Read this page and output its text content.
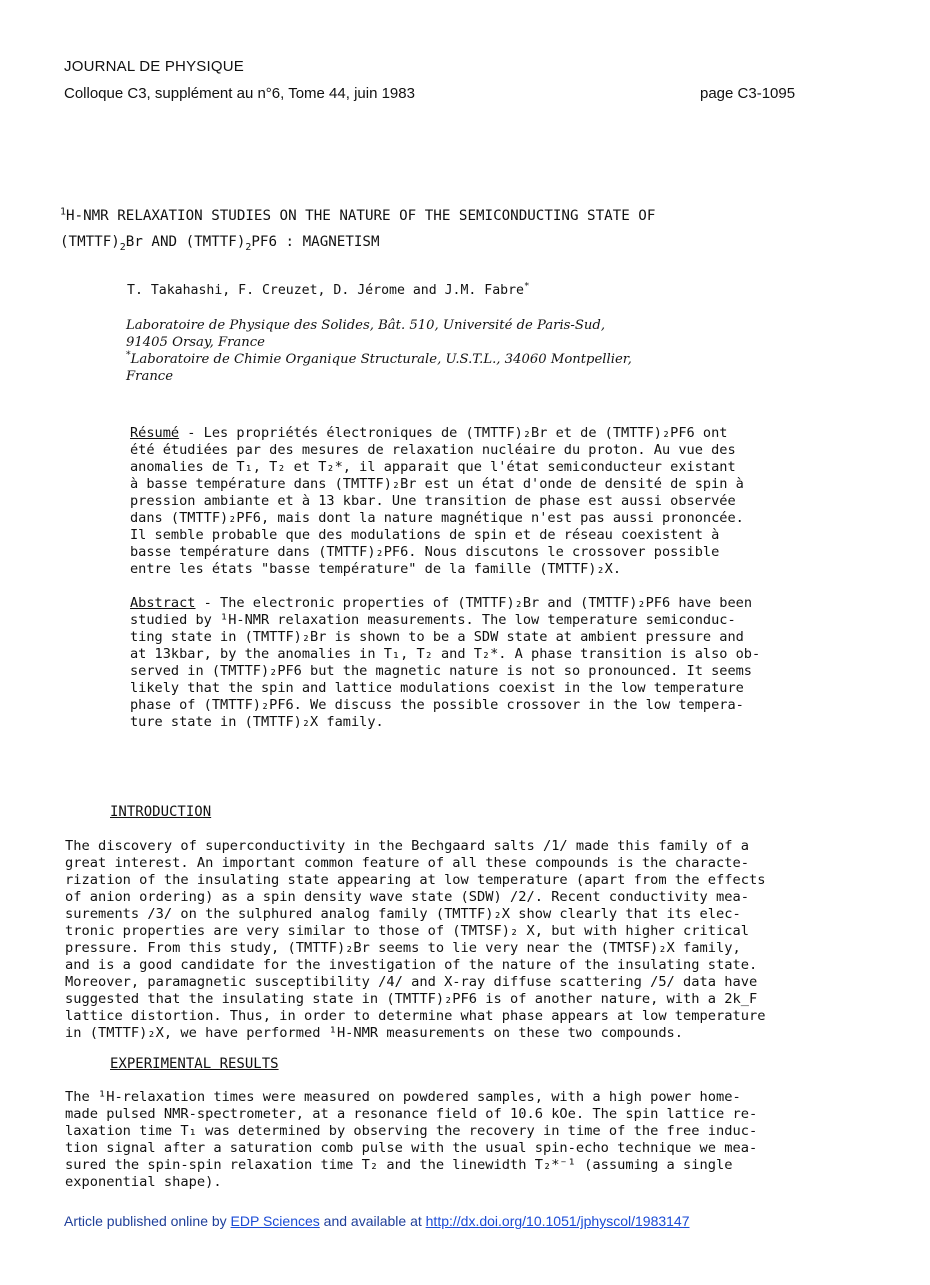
JOURNAL DE PHYSIQUE
Colloque C3, supplément au n°6, Tome 44, juin 1983	page C3-1095
$^1$H-NMR RELAXATION STUDIES ON THE NATURE OF THE SEMICONDUCTING STATE OF
$(TMTTF)_2Br$ AND $(TMTTF)_2PF6$ : MAGNETISM
T. Takahashi, F. Creuzet, D. Jérome and J.M. Fabre*
Laboratoire de Physique des Solides, Bât. 510, Université de Paris-Sud,
91405 Orsay, France
*Laboratoire de Chimie Organique Structurale, U.S.T.L., 34060 Montpellier,
France
Résumé - Les propriétés électroniques de (TMTTF)₂Br et de (TMTTF)₂PF6 ont
été étudiées par des mesures de relaxation nucléaire du proton. Au vue des
anomalies de T₁, T₂ et T₂*, il apparait que l'état semiconducteur existant
à basse température dans (TMTTF)₂Br est un état d'onde de densité de spin à
pression ambiante et à 13 kbar. Une transition de phase est aussi observée
dans (TMTTF)₂PF6, mais dont la nature magnétique n'est pas aussi prononcée.
Il semble probable que des modulations de spin et de réseau coexistent à
basse température dans (TMTTF)₂PF6. Nous discutons le crossover possible
entre les états "basse température" de la famille (TMTTF)₂X.
Abstract - The electronic properties of (TMTTF)₂Br and (TMTTF)₂PF6 have been
studied by ¹H-NMR relaxation measurements. The low temperature semiconduc-
ting state in (TMTTF)₂Br is shown to be a SDW state at ambient pressure and
at 13kbar, by the anomalies in T₁, T₂ and T₂*. A phase transition is also ob-
served in (TMTTF)₂PF6 but the magnetic nature is not so pronounced. It seems
likely that the spin and lattice modulations coexist in the low temperature
phase of (TMTTF)₂PF6. We discuss the possible crossover in the low tempera-
ture state in (TMTTF)₂X family.
INTRODUCTION
The discovery of superconductivity in the Bechgaard salts /1/ made this family of a
great interest. An important common feature of all these compounds is the characte-
rization of the insulating state appearing at low temperature (apart from the effects
of anion ordering) as a spin density wave state (SDW) /2/. Recent conductivity mea-
surements /3/ on the sulphured analog family (TMTTF)₂X show clearly that its elec-
tronic properties are very similar to those of (TMTSF)₂ X, but with higher critical
pressure. From this study, (TMTTF)₂Br seems to lie very near the (TMTSF)₂X family,
and is a good candidate for the investigation of the nature of the insulating state.
Moreover, paramagnetic susceptibility /4/ and X-ray diffuse scattering /5/ data have
suggested that the insulating state in (TMTTF)₂PF6 is of another nature, with a 2k_F
lattice distortion. Thus, in order to determine what phase appears at low temperature
in (TMTTF)₂X, we have performed ¹H-NMR measurements on these two compounds.
EXPERIMENTAL RESULTS
The ¹H-relaxation times were measured on powdered samples, with a high power home-
made pulsed NMR-spectrometer, at a resonance field of 10.6 kOe. The spin lattice re-
laxation time T₁ was determined by observing the recovery in time of the free induc-
tion signal after a saturation comb pulse with the usual spin-echo technique we mea-
sured the spin-spin relaxation time T₂ and the linewidth T₂*⁻¹ (assuming a single
exponential shape).
Article published online by EDP Sciences and available at http://dx.doi.org/10.1051/jphyscol/1983147
